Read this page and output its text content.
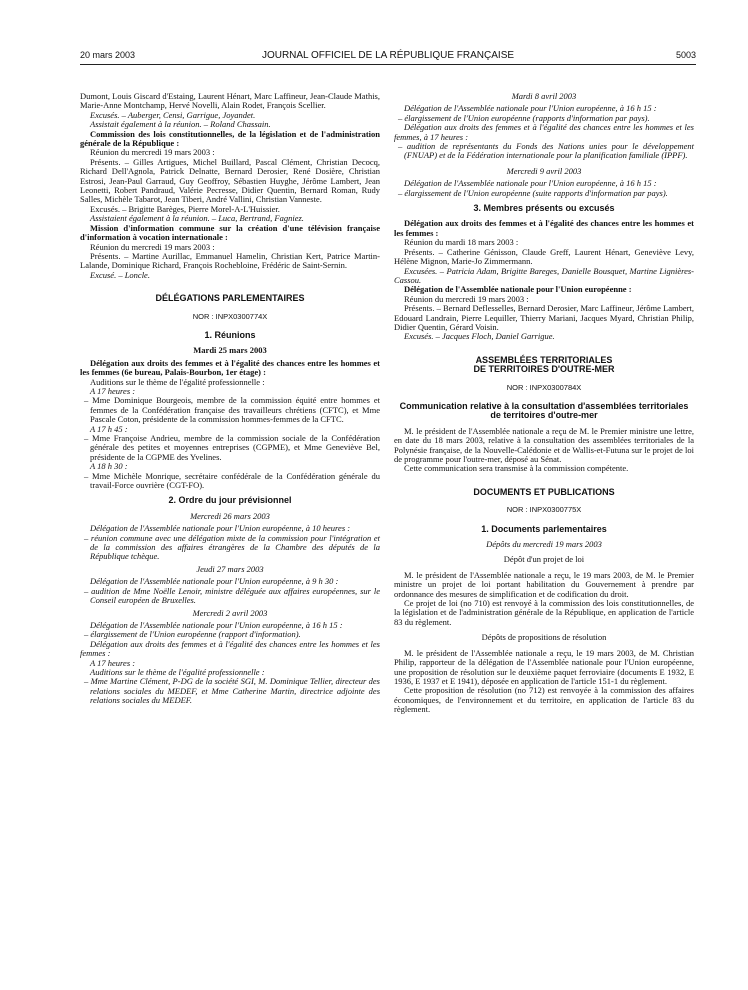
20 mars 2003	JOURNAL OFFICIEL DE LA RÉPUBLIQUE FRANÇAISE	5003

Dumont, Louis Giscard d'Estaing, Laurent Hénart, Marc Laffineur, Jean-Claude Mathis, Marie-Anne Montchamp, Hervé Novelli, Alain Rodet, François Scellier.

Excusés. – Auberger, Censi, Garrigue, Joyandet.

Assistait également à la réunion. – Roland Chassain.

Commission des lois constitutionnelles, de la législation et de l'administration générale de la République :

Réunion du mercredi 19 mars 2003 :

Présents. – Gilles Artigues, Michel Buillard, Pascal Clément, Christian Decocq, Richard Dell'Agnola, Patrick Delnatte, Bernard Derosier, René Dosière, Christian Estrosi, Jean-Paul Garraud, Guy Geoffroy, Sébastien Huyghe, Jérôme Lambert, Jean Leonetti, Robert Pandraud, Valérie Pecresse, Didier Quentin, Bernard Roman, Rudy Salles, Michèle Tabarot, Jean Tiberi, André Vallini, Christian Vanneste.

Excusés. – Brigitte Barèges, Pierre Morel-A-L'Huissier.

Assistaient également à la réunion. – Luca, Bertrand, Fagniez.

Mission d'information commune sur la création d'une télévision française d'information à vocation internationale :

Réunion du mercredi 19 mars 2003 :

Présents. – Martine Aurillac, Emmanuel Hamelin, Christian Kert, Patrice Martin-Lalande, Dominique Richard, François Rochebloine, Frédéric de Saint-Sernin.

Excusé. – Loncle.

DÉLÉGATIONS PARLEMENTAIRES
NOR : INPX0300774X
1. Réunions

Mardi 25 mars 2003

Délégation aux droits des femmes et à l'égalité des chances entre les hommes et les femmes (6e bureau, Palais-Bourbon, 1er étage) :

Auditions sur le thème de l'égalité professionnelle :

A 17 heures :

– Mme Dominique Bourgeois, membre de la commission équité entre hommes et femmes de la Confédération française des travailleurs chrétiens (CFTC), et Mme Pascale Coton, présidente de la commission hommes-femmes de la CFTC.

A 17 h 45 :

– Mme Françoise Andrieu, membre de la commission sociale de la Confédération générale des petites et moyennes entreprises (CGPME), et Mme Geneviève Bel, présidente de la CGPME des Yvelines.

A 18 h 30 :

– Mme Michèle Monrique, secrétaire confédérale de la Confédération générale du travail-Force ouvrière (CGT-FO).

2. Ordre du jour prévisionnel

Mercredi 26 mars 2003

Délégation de l'Assemblée nationale pour l'Union européenne, à 10 heures :

– réunion commune avec une délégation mixte de la commission pour l'intégration et de la commission des affaires étrangères de la Chambre des députés de la République tchèque.

Jeudi 27 mars 2003

Délégation de l'Assemblée nationale pour l'Union européenne, à 9 h 30 :

– audition de Mme Noëlle Lenoir, ministre déléguée aux affaires européennes, sur le Conseil européen de Bruxelles.

Mercredi 2 avril 2003

Délégation de l'Assemblée nationale pour l'Union européenne, à 16 h 15 :

– élargissement de l'Union européenne (rapport d'information).

Délégation aux droits des femmes et à l'égalité des chances entre les hommes et les femmes :

A 17 heures :

Auditions sur le thème de l'égalité professionnelle :

– Mme Martine Clément, P-DG de la société SGI, M. Dominique Tellier, directeur des relations sociales du MEDEF, et Mme Catherine Martin, directrice adjointe des relations sociales du MEDEF.

Mardi 8 avril 2003

Délégation de l'Assemblée nationale pour l'Union européenne, à 16 h 15 :

– élargissement de l'Union européenne (rapports d'information par pays).

Délégation aux droits des femmes et à l'égalité des chances entre les hommes et les femmes, à 17 heures :

– audition de représentants du Fonds des Nations unies pour le développement (FNUAP) et de la Fédération internationale pour la planification familiale (IPPF).

Mercredi 9 avril 2003

Délégation de l'Assemblée nationale pour l'Union européenne, à 16 h 15 :

– élargissement de l'Union européenne (suite rapports d'information par pays).

3. Membres présents ou excusés

Délégation aux droits des femmes et à l'égalité des chances entre les hommes et les femmes :

Réunion du mardi 18 mars 2003 :

Présents. – Catherine Génisson, Claude Greff, Laurent Hénart, Geneviève Levy, Hélène Mignon, Marie-Jo Zimmermann.

Excusées. – Patricia Adam, Brigitte Bareges, Danielle Bousquet, Martine Lignières-Cassou.

Délégation de l'Assemblée nationale pour l'Union européenne :

Réunion du mercredi 19 mars 2003 :

Présents. – Bernard Deflesselles, Bernard Derosier, Marc Laffineur, Jérôme Lambert, Edouard Landrain, Pierre Lequiller, Thierry Mariani, Jacques Myard, Christian Philip, Didier Quentin, Gérard Voisin.

Excusés. – Jacques Floch, Daniel Garrigue.

ASSEMBLÉES TERRITORIALES
DE TERRITOIRES D'OUTRE-MER
NOR : INPX0300784X
Communication relative à la consultation d'assemblées territoriales de territoires d'outre-mer

M. le président de l'Assemblée nationale a reçu de M. le Premier ministre une lettre, en date du 18 mars 2003, relative à la consultation des assemblées territoriales de la Polynésie française, de la Nouvelle-Calédonie et de Wallis-et-Futuna sur le projet de loi de programme pour l'outre-mer, déposé au Sénat.

Cette communication sera transmise à la commission compétente.

DOCUMENTS ET PUBLICATIONS
NOR : INPX0300775X
1. Documents parlementaires

Dépôts du mercredi 19 mars 2003

Dépôt d'un projet de loi

M. le président de l'Assemblée nationale a reçu, le 19 mars 2003, de M. le Premier ministre un projet de loi portant habilitation du Gouvernement à prendre par ordonnance des mesures de simplification et de codification du droit.

Ce projet de loi (no 710) est renvoyé à la commission des lois constitutionnelles, de la législation et de l'administration générale de la République, en application de l'article 83 du règlement.

Dépôts de propositions de résolution

M. le président de l'Assemblée nationale a reçu, le 19 mars 2003, de M. Christian Philip, rapporteur de la délégation de l'Assemblée nationale pour l'Union européenne, une proposition de résolution sur le deuxième paquet ferroviaire (documents E 1932, E 1936, E 1937 et E 1941), déposée en application de l'article 151-1 du règlement.

Cette proposition de résolution (no 712) est renvoyée à la commission des affaires économiques, de l'environnement et du territoire, en application de l'article 83 du règlement.
